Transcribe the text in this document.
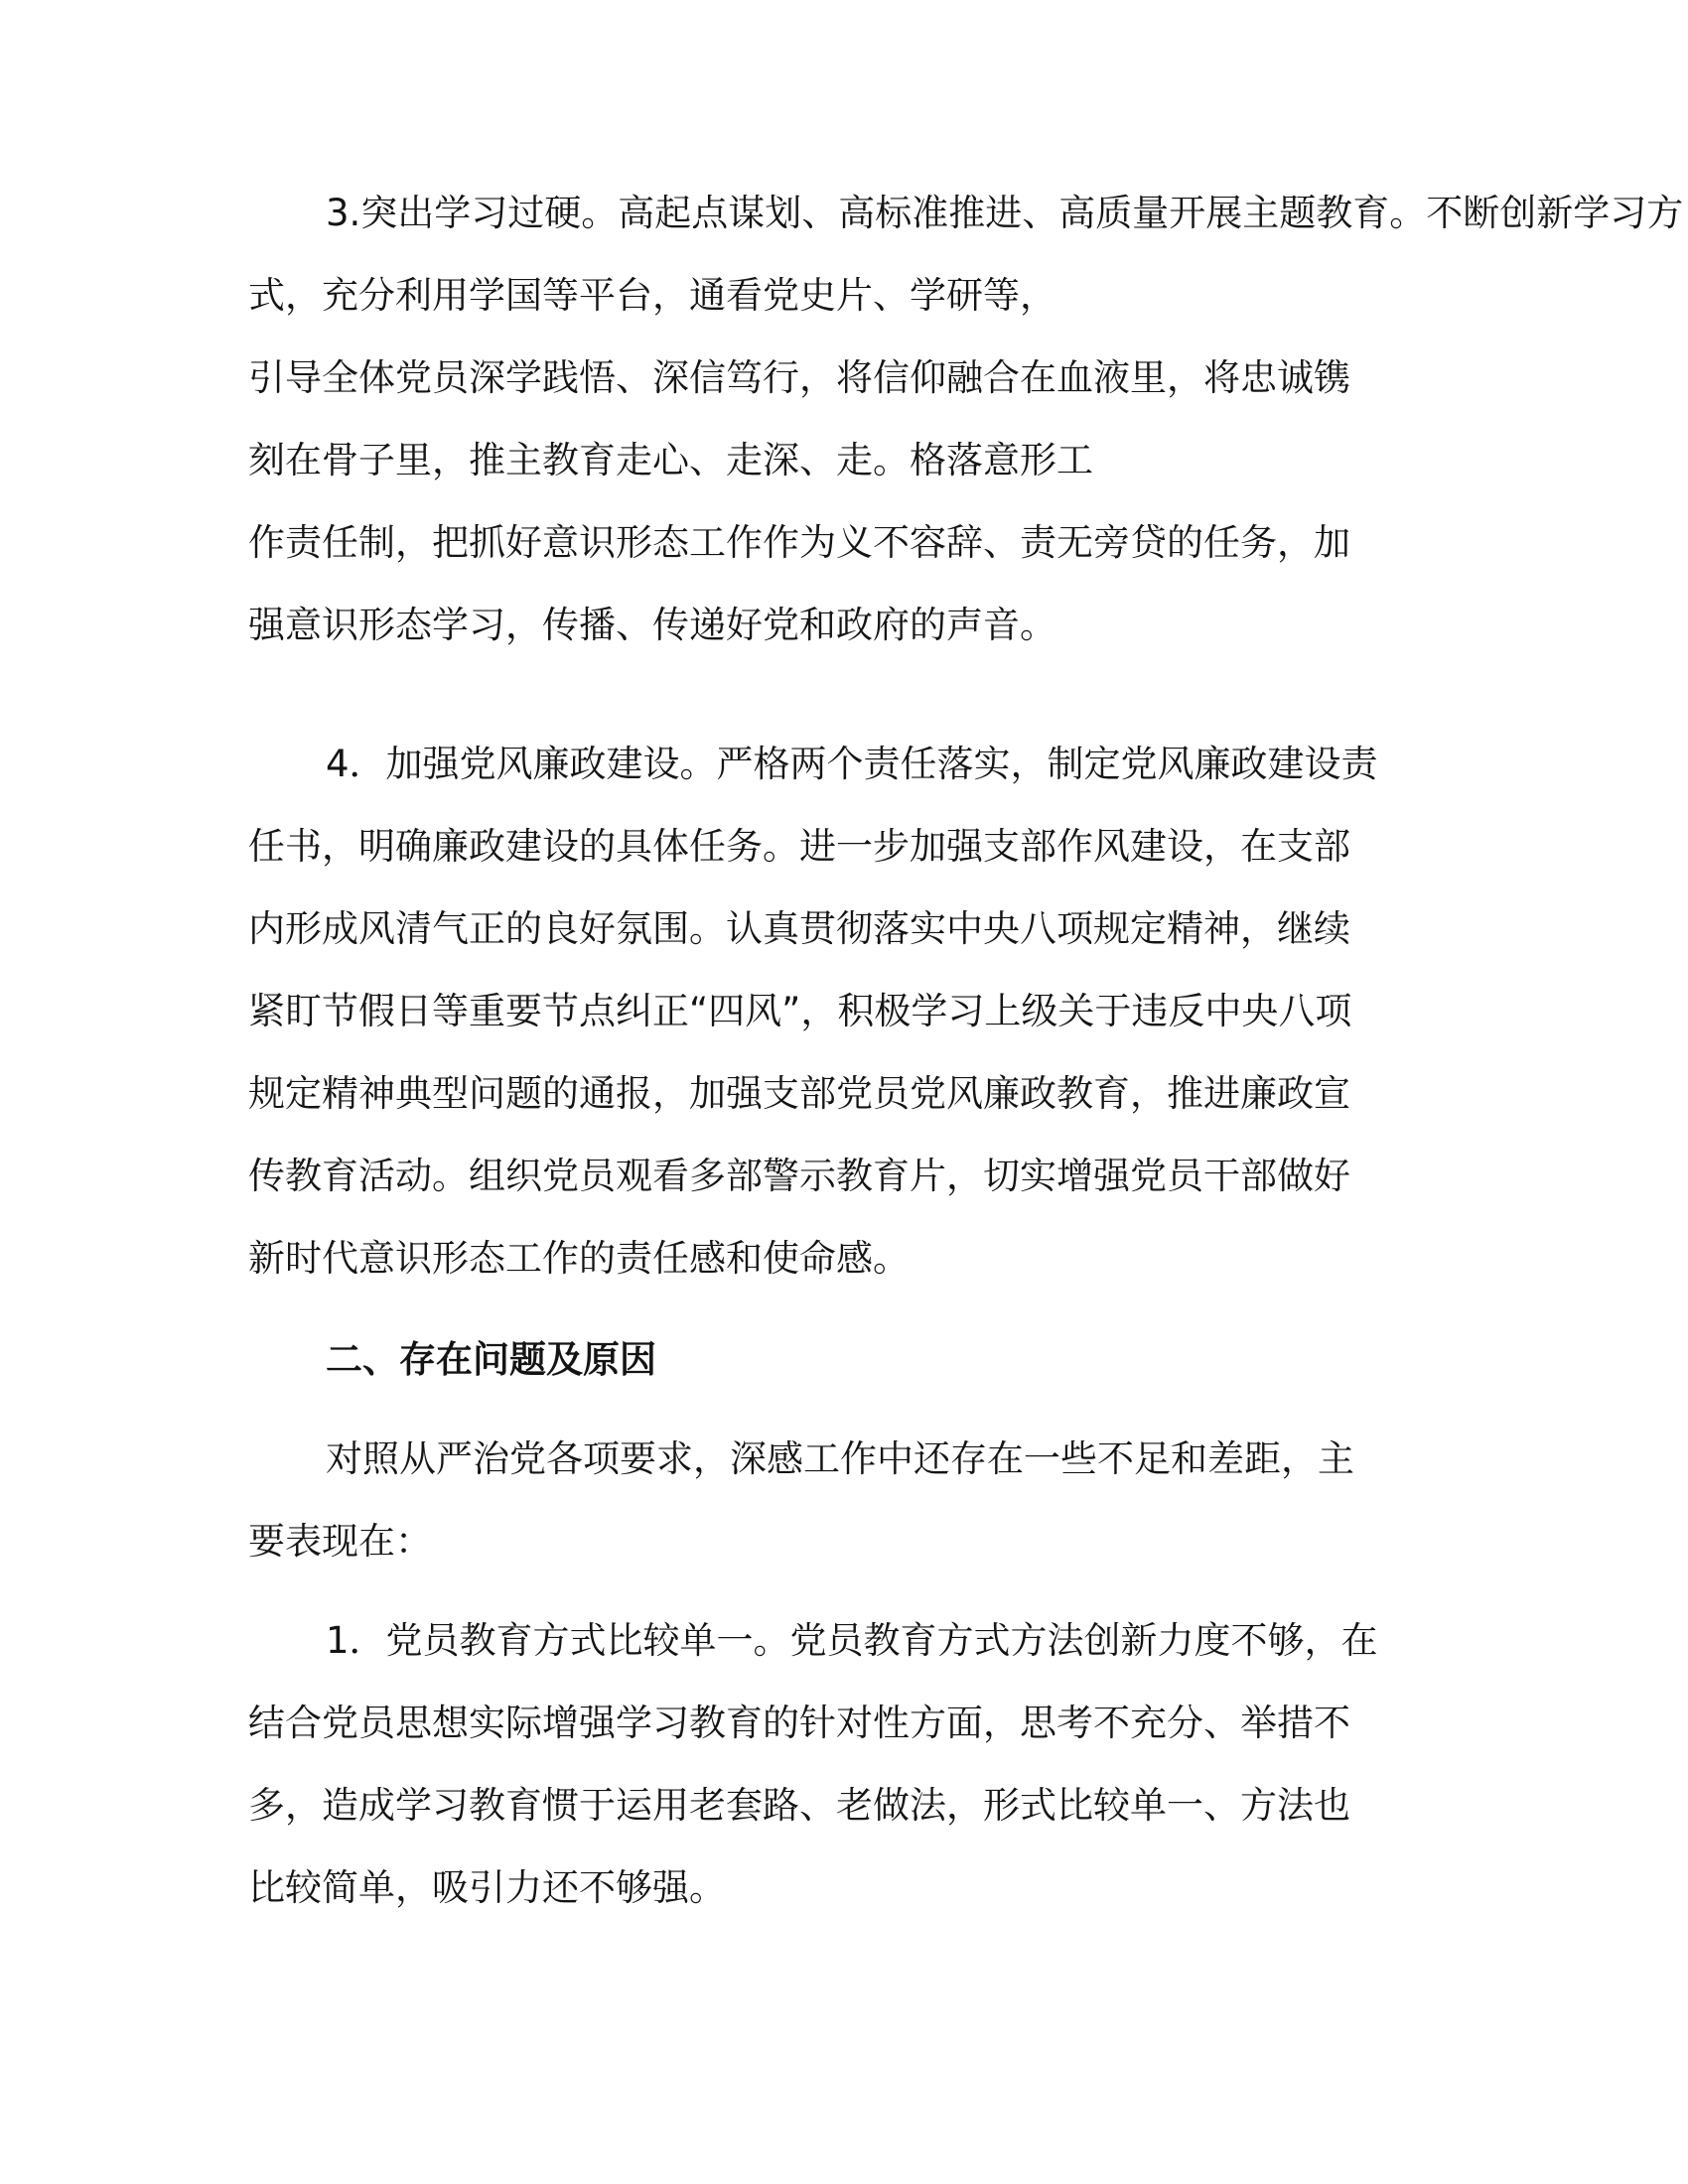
3.突出学习过硬。高起点谋划、高标准推进、高质量开展主题教育。不断创新学习方
式，充分利用学国等平台，通看党史片、学研等，
引导全体党员深学践悟、深信笃行，将信仰融合在血液里，将忠诚镌
刻在骨子里，推主教育走心、走深、走。格落意形工
作责任制，把抓好意识形态工作作为义不容辞、责无旁贷的任务，加
强意识形态学习，传播、传递好党和政府的声音。
4．加强党风廉政建设。严格两个责任落实，制定党风廉政建设责
任书，明确廉政建设的具体任务。进一步加强支部作风建设，在支部
内形成风清气正的良好氛围。认真贯彻落实中央八项规定精神，继续
紧盯节假日等重要节点纠正“四风”，积极学习上级关于违反中央八项
规定精神典型问题的通报，加强支部党员党风廉政教育，推进廉政宣
传教育活动。组织党员观看多部警示教育片，切实增强党员干部做好
新时代意识形态工作的责任感和使命感。
二、存在问题及原因
对照从严治党各项要求，深感工作中还存在一些不足和差距，主
要表现在：
1．党员教育方式比较单一。党员教育方式方法创新力度不够，在
结合党员思想实际增强学习教育的针对性方面，思考不充分、举措不
多，造成学习教育惯于运用老套路、老做法，形式比较单一、方法也
比较简单，吸引力还不够强。
